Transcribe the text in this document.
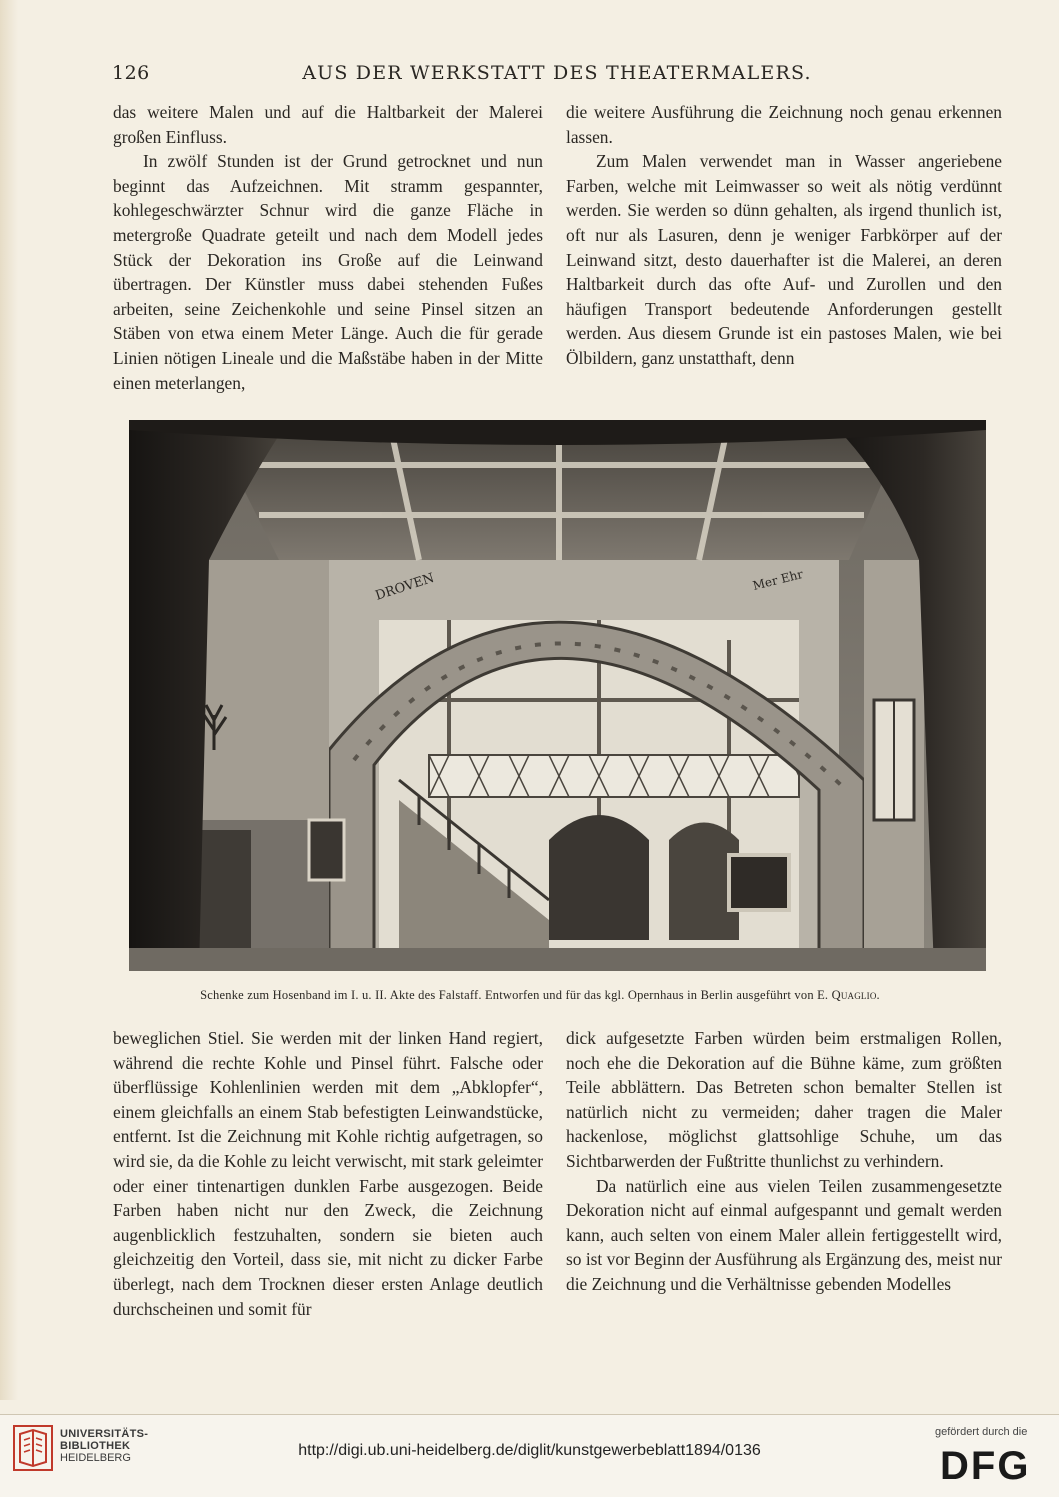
126	AUS DER WERKSTATT DES THEATERMALERS.

das weitere Malen und auf die Haltbarkeit der Malerei großen Einfluss.

In zwölf Stunden ist der Grund getrocknet und nun beginnt das Aufzeichnen. Mit stramm gespannter, kohlegeschwärzter Schnur wird die ganze Fläche in metergroße Quadrate geteilt und nach dem Modell jedes Stück der Dekoration ins Große auf die Leinwand übertragen. Der Künstler muss dabei stehenden Fußes arbeiten, seine Zeichenkohle und seine Pinsel sitzen an Stäben von etwa einem Meter Länge. Auch die für gerade Linien nötigen Lineale und die Maßstäbe haben in der Mitte einen meterlangen,

die weitere Ausführung die Zeichnung noch genau erkennen lassen.

Zum Malen verwendet man in Wasser angeriebene Farben, welche mit Leimwasser so weit als nötig verdünnt werden. Sie werden so dünn gehalten, als irgend thunlich ist, oft nur als Lasuren, denn je weniger Farbkörper auf der Leinwand sitzt, desto dauerhafter ist die Malerei, an deren Haltbarkeit durch das ofte Auf- und Zurollen und den häufigen Transport bedeutende Anforderungen gestellt werden. Aus diesem Grunde ist ein pastoses Malen, wie bei Ölbildern, ganz unstatthaft, denn

DROVEN	Mer Ehr
Schenke zum Hosenband im I. u. II. Akte des Falstaff. Entworfen und für das kgl. Opernhaus in Berlin ausgeführt von E. Quaglio.

beweglichen Stiel. Sie werden mit der linken Hand regiert, während die rechte Kohle und Pinsel führt. Falsche oder überflüssige Kohlenlinien werden mit dem „Abklopfer“, einem gleichfalls an einem Stab befestigten Leinwandstücke, entfernt. Ist die Zeichnung mit Kohle richtig aufgetragen, so wird sie, da die Kohle zu leicht verwischt, mit stark geleimter oder einer tintenartigen dunklen Farbe ausgezogen. Beide Farben haben nicht nur den Zweck, die Zeichnung augenblicklich festzuhalten, sondern sie bieten auch gleichzeitig den Vorteil, dass sie, mit nicht zu dicker Farbe überlegt, nach dem Trocknen dieser ersten Anlage deutlich durchscheinen und somit für

dick aufgesetzte Farben würden beim erstmaligen Rollen, noch ehe die Dekoration auf die Bühne käme, zum größten Teile abblättern. Das Betreten schon bemalter Stellen ist natürlich nicht zu vermeiden; daher tragen die Maler hackenlose, möglichst glattsohlige Schuhe, um das Sichtbarwerden der Fußtritte thunlichst zu verhindern.

Da natürlich eine aus vielen Teilen zusammengesetzte Dekoration nicht auf einmal aufgespannt und gemalt werden kann, auch selten von einem Maler allein fertiggestellt wird, so ist vor Beginn der Ausführung als Ergänzung des, meist nur die Zeichnung und die Verhältnisse gebenden Modelles

UNIVERSITÄTS-
BIBLIOTHEK
HEIDELBERG	http://digi.ub.uni-heidelberg.de/diglit/kunstgewerbeblatt1894/0136
gefördert durch die
DFG
